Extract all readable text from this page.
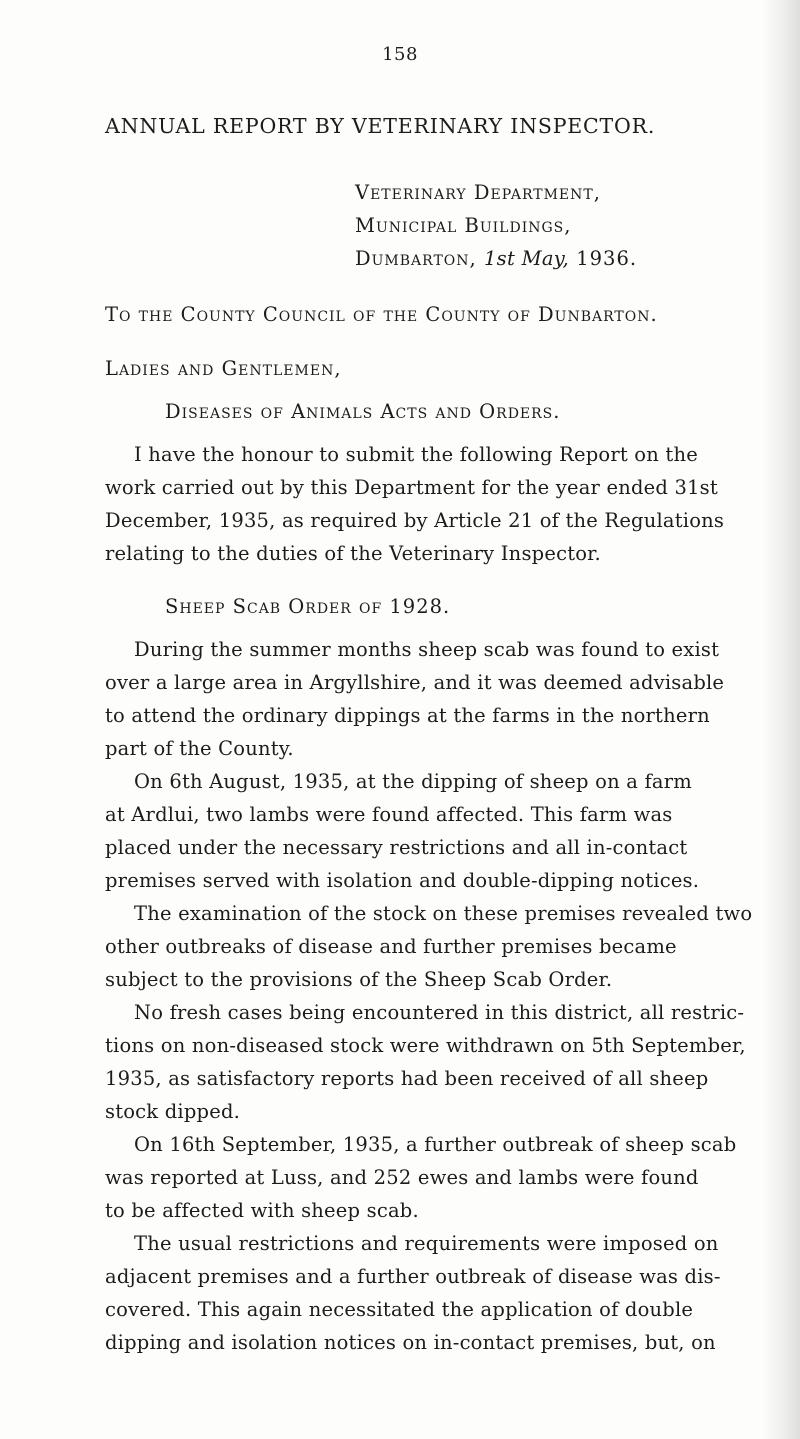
158
ANNUAL REPORT BY VETERINARY INSPECTOR.
Veterinary Department,
Municipal Buildings,
Dumbarton, 1st May, 1936.
To the County Council of the County of Dunbarton.
Ladies and Gentlemen,
Diseases of Animals Acts and Orders.
I have the honour to submit the following Report on the
work carried out by this Department for the year ended 31st
December, 1935, as required by Article 21 of the Regulations
relating to the duties of the Veterinary Inspector.
Sheep Scab Order of 1928.
During the summer months sheep scab was found to exist
over a large area in Argyllshire, and it was deemed advisable
to attend the ordinary dippings at the farms in the northern
part of the County.
On 6th August, 1935, at the dipping of sheep on a farm
at Ardlui, two lambs were found affected. This farm was
placed under the necessary restrictions and all in-contact
premises served with isolation and double-dipping notices.
The examination of the stock on these premises revealed two
other outbreaks of disease and further premises became
subject to the provisions of the Sheep Scab Order.
No fresh cases being encountered in this district, all restric-
tions on non-diseased stock were withdrawn on 5th September,
1935, as satisfactory reports had been received of all sheep
stock dipped.
On 16th September, 1935, a further outbreak of sheep scab
was reported at Luss, and 252 ewes and lambs were found
to be affected with sheep scab.
The usual restrictions and requirements were imposed on
adjacent premises and a further outbreak of disease was dis-
covered. This again necessitated the application of double
dipping and isolation notices on in-contact premises, but, on
